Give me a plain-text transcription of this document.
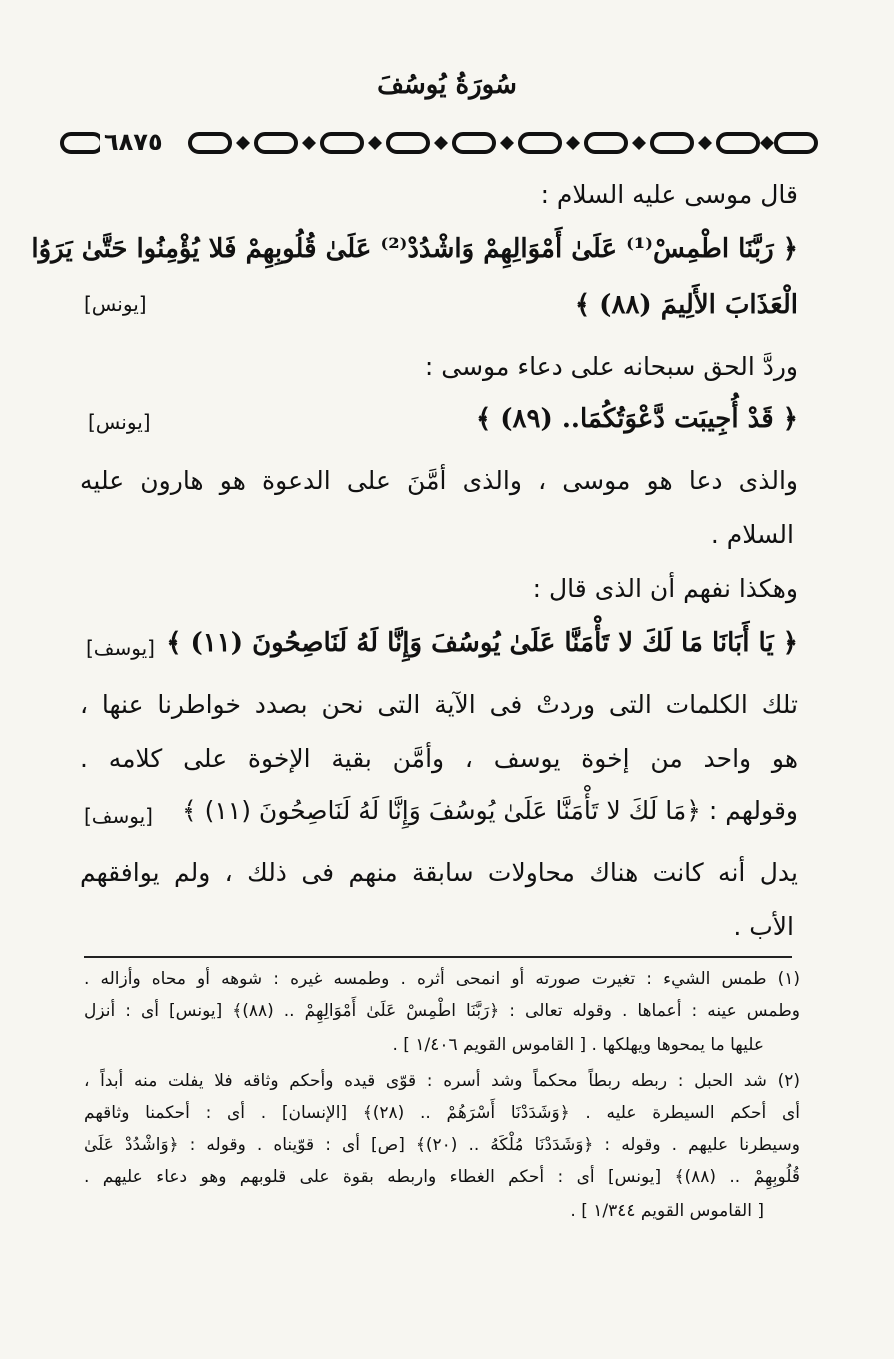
سُورَةُ يُوسُفَ
٦٨٧٥
قال موسى عليه السلام :
﴿ رَبَّنَا اطْمِسْ⁽¹⁾ عَلَىٰ أَمْوَالِهِمْ وَاشْدُدْ⁽²⁾ عَلَىٰ قُلُوبِهِمْ فَلا يُؤْمِنُوا حَتَّىٰ يَرَوُا
الْعَذَابَ الأَلِيمَ (٨٨) ﴾
[يونس]
وردَّ الحق سبحانه على دعاء موسى :
﴿ قَدْ أُجِيبَت دَّعْوَتُكُمَا.. (٨٩) ﴾
[يونس]
والذى دعا هو موسى ، والذى أمَّنَ على الدعوة هو هارون عليه
السلام .
وهكذا نفهم أن الذى قال :
﴿ يَا أَبَانَا مَا لَكَ لا تَأْمَنَّا عَلَىٰ يُوسُفَ وَإِنَّا لَهُ لَنَاصِحُونَ (١١) ﴾
[يوسف]
تلك الكلمات التى وردتْ فى الآية التى نحن بصدد خواطرنا عنها ،
هو واحد من إخوة يوسف ، وأمَّن بقية الإخوة على كلامه .
وقولهم : ﴿مَا لَكَ لا تَأْمَنَّا عَلَىٰ يُوسُفَ وَإِنَّا لَهُ لَنَاصِحُونَ (١١) ﴾
[يوسف]
يدل أنه كانت هناك محاولات سابقة منهم فى ذلك ، ولم يوافقهم
الأب .
(١) طمس الشيء : تغيرت صورته أو انمحى أثره . وطمسه غيره : شوهه أو محاه وأزاله .
وطمس عينه : أعماها . وقوله تعالى : ﴿رَبَّنَا اطْمِسْ عَلَىٰ أَمْوَالِهِمْ .. (٨٨)﴾ [يونس] أى : أنزل
عليها ما يمحوها ويهلكها . [ القاموس القويم ١/٤٠٦ ] .
(٢) شد الحبل : ربطه ربطاً محكماً وشد أسره : قوّى قيده وأحكم وثاقه فلا يفلت منه أبداً ،
أى أحكم السيطرة عليه . ﴿وَشَدَدْنَا أَسْرَهُمْ .. (٢٨)﴾ [الإنسان] . أى : أحكمنا وثاقهم
وسيطرنا عليهم . وقوله : ﴿وَشَدَدْنَا مُلْكَهُ .. (٢٠)﴾ [ص] أى : قوّيناه . وقوله : ﴿وَاشْدُدْ عَلَىٰ
قُلُوبِهِمْ .. (٨٨)﴾ [يونس] أى : أحكم الغطاء واربطه بقوة على قلوبهم وهو دعاء عليهم .
[ القاموس القويم ١/٣٤٤ ] .
